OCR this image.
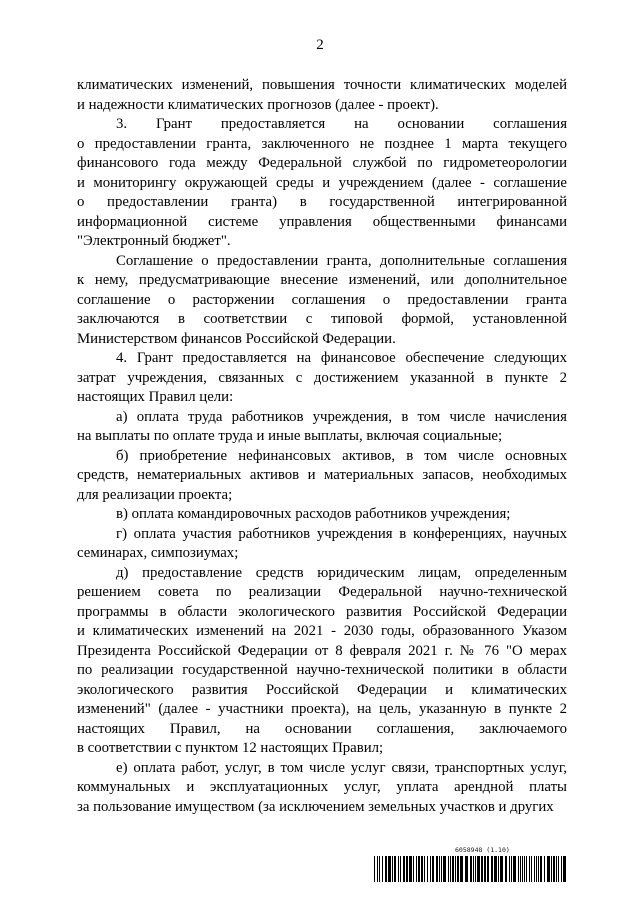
2
климатических изменений, повышения точности климатических моделей
и надежности климатических прогнозов (далее - проект).
3. Грант предоставляется на основании соглашения
о предоставлении гранта, заключенного не позднее 1 марта текущего
финансового года между Федеральной службой по гидрометеорологии
и мониторингу окружающей среды и учреждением (далее - соглашение
о предоставлении гранта) в государственной интегрированной
информационной системе управления общественными финансами
"Электронный бюджет".
Соглашение о предоставлении гранта, дополнительные соглашения
к нему, предусматривающие внесение изменений, или дополнительное
соглашение о расторжении соглашения о предоставлении гранта
заключаются в соответствии с типовой формой, установленной
Министерством финансов Российской Федерации.
4. Грант предоставляется на финансовое обеспечение следующих
затрат учреждения, связанных с достижением указанной в пункте 2
настоящих Правил цели:
а) оплата труда работников учреждения, в том числе начисления
на выплаты по оплате труда и иные выплаты, включая социальные;
б) приобретение нефинансовых активов, в том числе основных
средств, нематериальных активов и материальных запасов, необходимых
для реализации проекта;
в) оплата командировочных расходов работников учреждения;
г) оплата участия работников учреждения в конференциях, научных
семинарах, симпозиумах;
д) предоставление средств юридическим лицам, определенным
решением совета по реализации Федеральной научно-технической
программы в области экологического развития Российской Федерации
и климатических изменений на 2021 - 2030 годы, образованного Указом
Президента Российской Федерации от 8 февраля 2021 г. № 76 "О мерах
по реализации государственной научно-технической политики в области
экологического развития Российской Федерации и климатических
изменений" (далее - участники проекта), на цель, указанную в пункте 2
настоящих Правил, на основании соглашения, заключаемого
в соответствии с пунктом 12 настоящих Правил;
е) оплата работ, услуг, в том числе услуг связи, транспортных услуг,
коммунальных и эксплуатационных услуг, уплата арендной платы
за пользование имуществом (за исключением земельных участков и других
6058948 (1.10)
